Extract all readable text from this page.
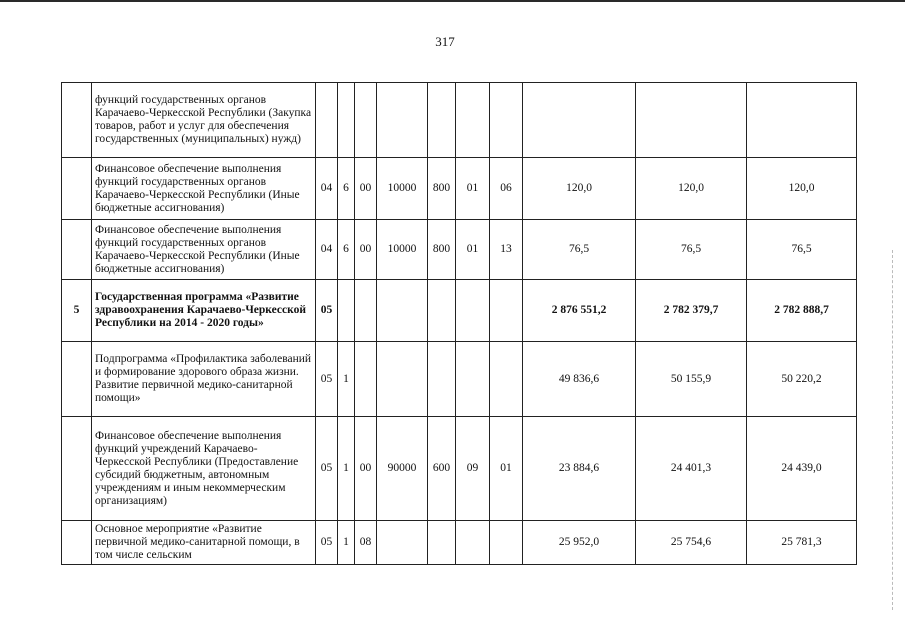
317
	функций государственных органов Карачаево-Черкесской Республики (Закупка товаров, работ и услуг для обеспечения государственных (муниципальных) нужд)										
	Финансовое обеспечение выполнения функций государственных органов Карачаево-Черкесской Республики (Иные бюджетные ассигнования)	04	6	00	10000	800	01	06	120,0	120,0	120,0
	Финансовое обеспечение выполнения функций государственных органов Карачаево-Черкесской Республики (Иные бюджетные ассигнования)	04	6	00	10000	800	01	13	76,5	76,5	76,5
5	Государственная программа «Развитие здравоохранения Карачаево-Черкесской Республики на 2014 - 2020 годы»	05							2 876 551,2	2 782 379,7	2 782 888,7
	Подпрограмма «Профилактика заболеваний и формирование здорового образа жизни. Развитие первичной медико-санитарной помощи»	05	1						49 836,6	50 155,9	50 220,2
	Финансовое обеспечение выполнения функций учреждений Карачаево-Черкесской Республики (Предоставление субсидий бюджетным, автономным учреждениям и иным некоммерческим организациям)	05	1	00	90000	600	09	01	23 884,6	24 401,3	24 439,0
	Основное мероприятие «Развитие первичной медико-санитарной помощи, в том числе сельским	05	1	08					25 952,0	25 754,6	25 781,3
